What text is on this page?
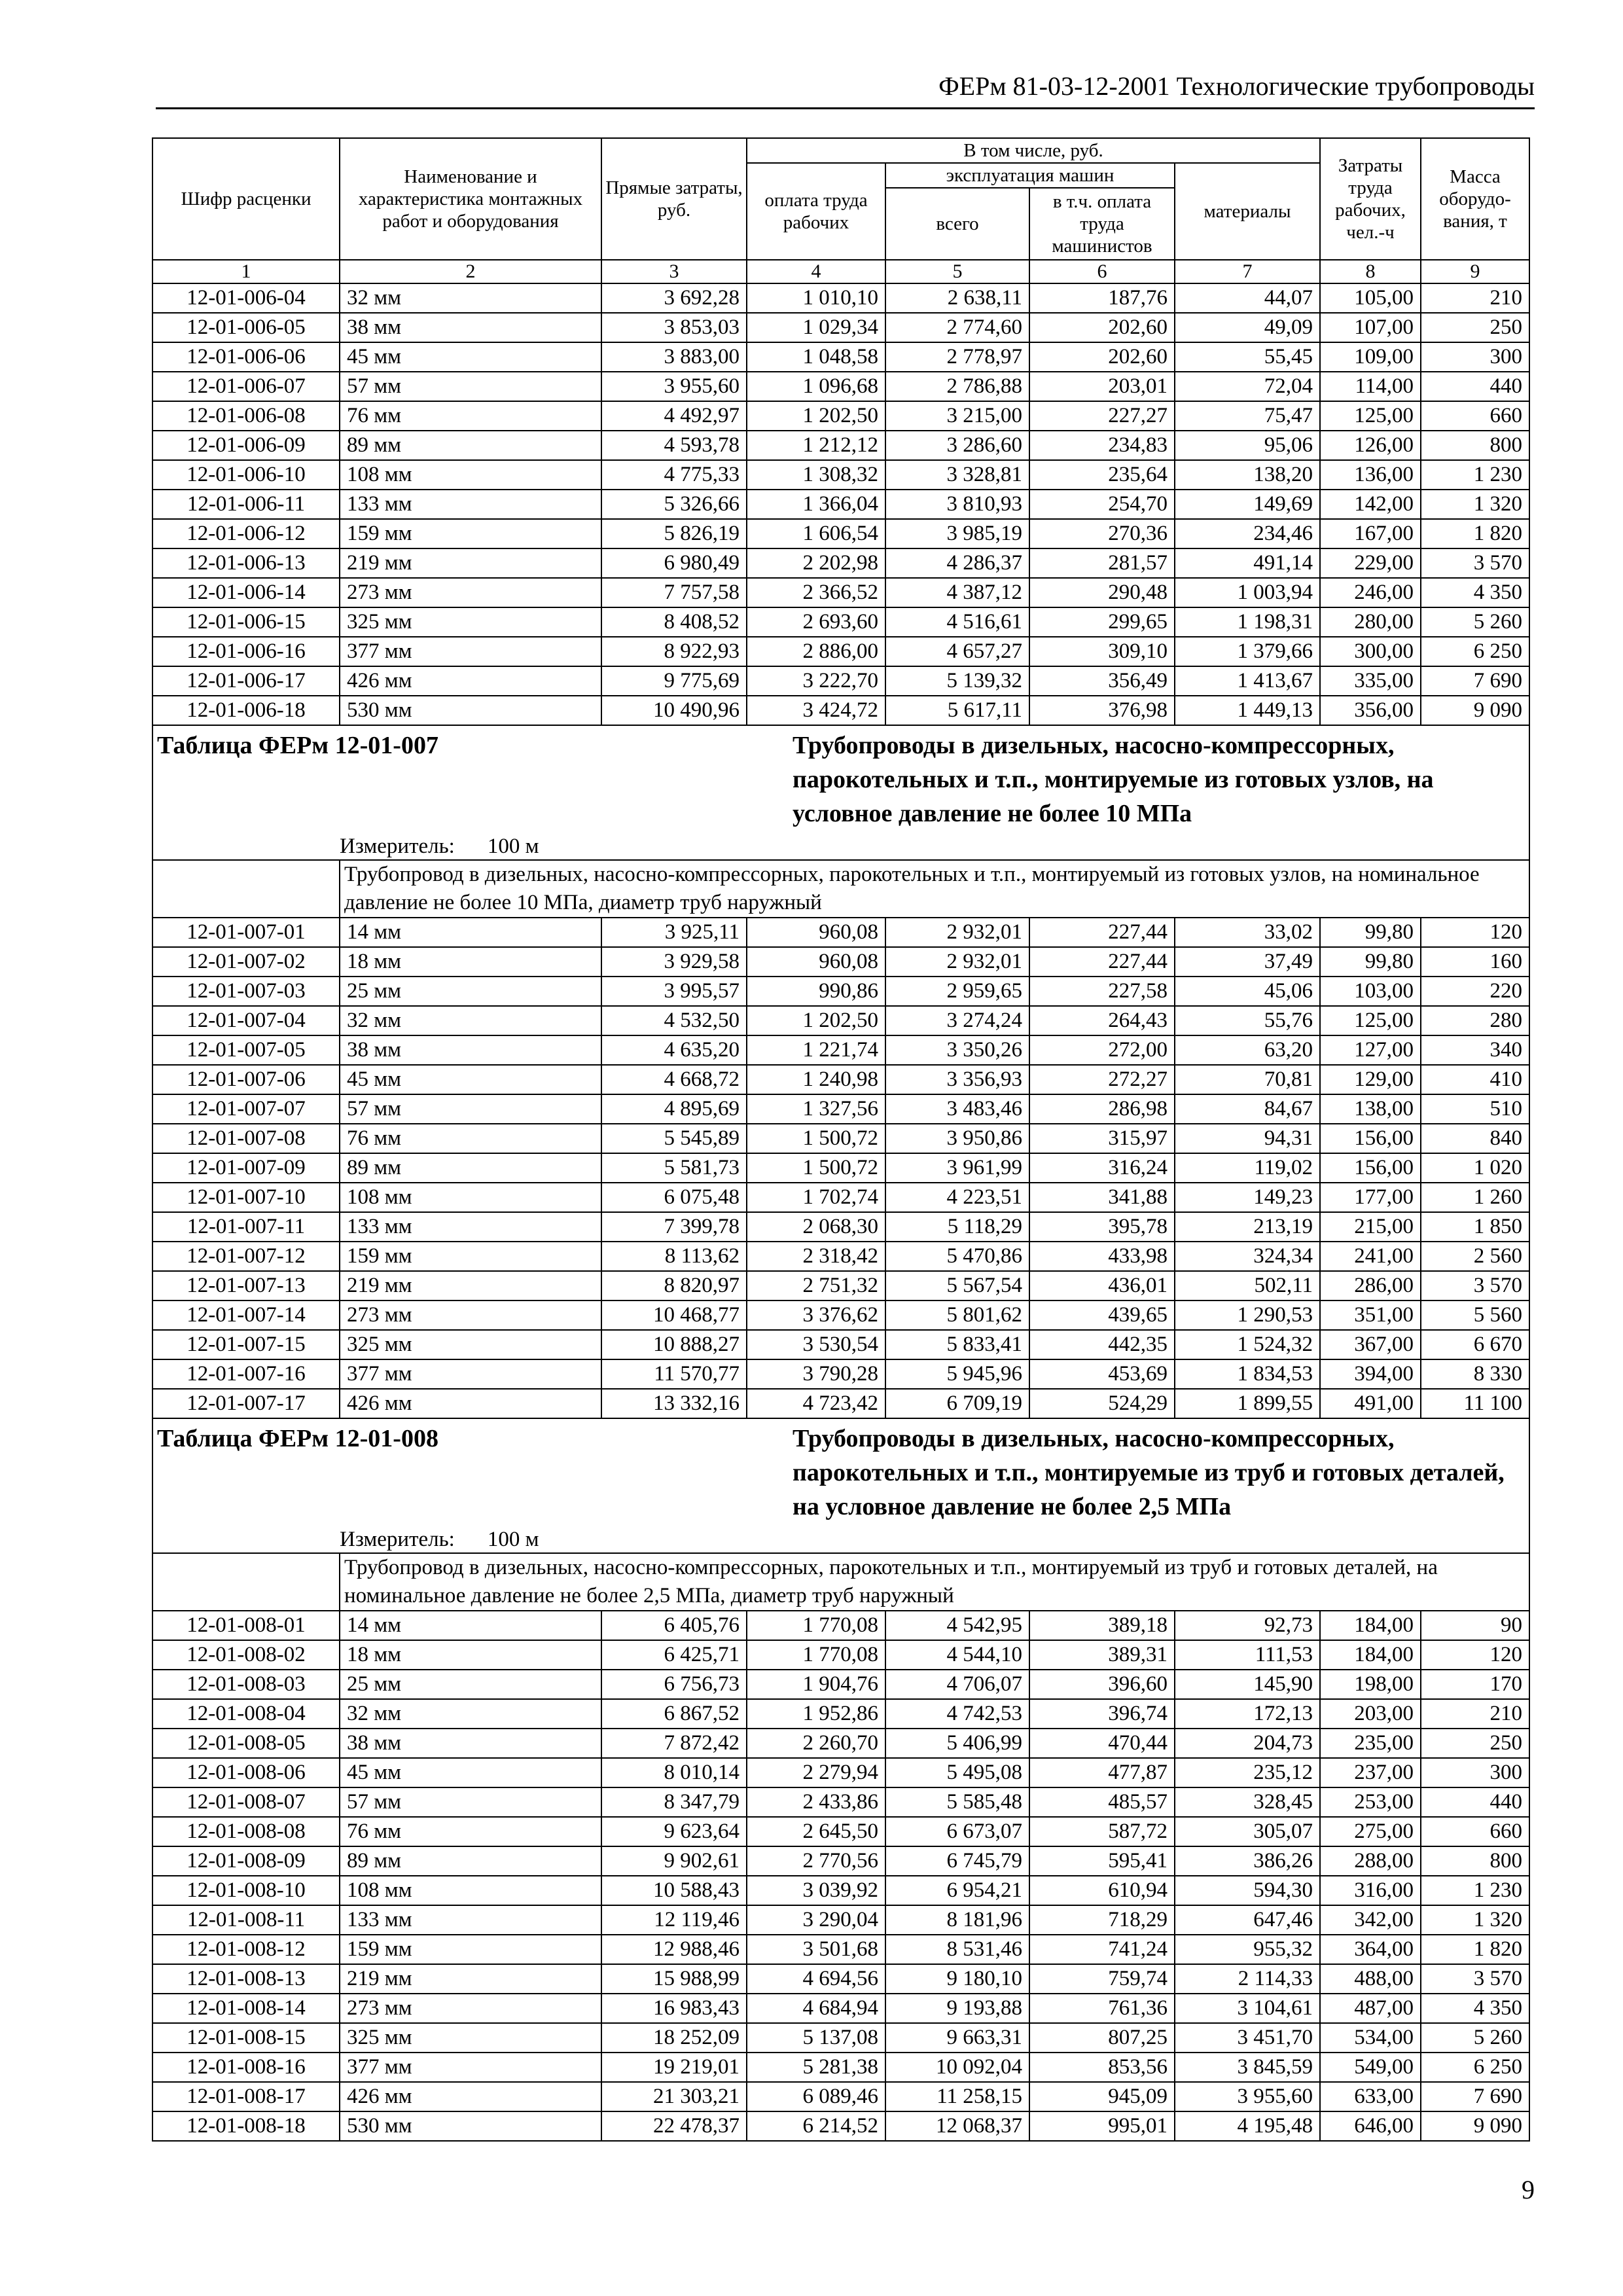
ФЕРм 81-03-12-2001 Технологические трубопроводы
Шифр расценки	Наименование и характеристика монтажных работ и оборудования	Прямые затраты, руб.	В том числе, руб.				Затраты труда рабочих, чел.-ч	Масса оборудо-вания, т
			оплата труда рабочих	эксплуатация машин		материалы		
				всего	в т.ч. оплата труда машинистов			
1	2	3	4	5	6	7	8	9
12-01-006-04	32 мм	3 692,28	1 010,10	2 638,11	187,76	44,07	105,00	210
12-01-006-05	38 мм	3 853,03	1 029,34	2 774,60	202,60	49,09	107,00	250
12-01-006-06	45 мм	3 883,00	1 048,58	2 778,97	202,60	55,45	109,00	300
12-01-006-07	57 мм	3 955,60	1 096,68	2 786,88	203,01	72,04	114,00	440
12-01-006-08	76 мм	4 492,97	1 202,50	3 215,00	227,27	75,47	125,00	660
12-01-006-09	89 мм	4 593,78	1 212,12	3 286,60	234,83	95,06	126,00	800
12-01-006-10	108 мм	4 775,33	1 308,32	3 328,81	235,64	138,20	136,00	1 230
12-01-006-11	133 мм	5 326,66	1 366,04	3 810,93	254,70	149,69	142,00	1 320
12-01-006-12	159 мм	5 826,19	1 606,54	3 985,19	270,36	234,46	167,00	1 820
12-01-006-13	219 мм	6 980,49	2 202,98	4 286,37	281,57	491,14	229,00	3 570
12-01-006-14	273 мм	7 757,58	2 366,52	4 387,12	290,48	1 003,94	246,00	4 350
12-01-006-15	325 мм	8 408,52	2 693,60	4 516,61	299,65	1 198,31	280,00	5 260
12-01-006-16	377 мм	8 922,93	2 886,00	4 657,27	309,10	1 379,66	300,00	6 250
12-01-006-17	426 мм	9 775,69	3 222,70	5 139,32	356,49	1 413,67	335,00	7 690
12-01-006-18	530 мм	10 490,96	3 424,72	5 617,11	376,98	1 449,13	356,00	9 090
Таблица ФЕРм 12-01-007			Трубопроводы в дизельных, насосно-компрессорных, парокотельных и т.п., монтируемые из готовых узлов, на условное давление не более 10 МПа					
	Измеритель: 100 м							
	Трубопровод в дизельных, насосно-компрессорных, парокотельных и т.п., монтируемый из готовых узлов, на номинальное давление не более 10 МПа, диаметр труб наружный							
12-01-007-01	14 мм	3 925,11	960,08	2 932,01	227,44	33,02	99,80	120
12-01-007-02	18 мм	3 929,58	960,08	2 932,01	227,44	37,49	99,80	160
12-01-007-03	25 мм	3 995,57	990,86	2 959,65	227,58	45,06	103,00	220
12-01-007-04	32 мм	4 532,50	1 202,50	3 274,24	264,43	55,76	125,00	280
12-01-007-05	38 мм	4 635,20	1 221,74	3 350,26	272,00	63,20	127,00	340
12-01-007-06	45 мм	4 668,72	1 240,98	3 356,93	272,27	70,81	129,00	410
12-01-007-07	57 мм	4 895,69	1 327,56	3 483,46	286,98	84,67	138,00	510
12-01-007-08	76 мм	5 545,89	1 500,72	3 950,86	315,97	94,31	156,00	840
12-01-007-09	89 мм	5 581,73	1 500,72	3 961,99	316,24	119,02	156,00	1 020
12-01-007-10	108 мм	6 075,48	1 702,74	4 223,51	341,88	149,23	177,00	1 260
12-01-007-11	133 мм	7 399,78	2 068,30	5 118,29	395,78	213,19	215,00	1 850
12-01-007-12	159 мм	8 113,62	2 318,42	5 470,86	433,98	324,34	241,00	2 560
12-01-007-13	219 мм	8 820,97	2 751,32	5 567,54	436,01	502,11	286,00	3 570
12-01-007-14	273 мм	10 468,77	3 376,62	5 801,62	439,65	1 290,53	351,00	5 560
12-01-007-15	325 мм	10 888,27	3 530,54	5 833,41	442,35	1 524,32	367,00	6 670
12-01-007-16	377 мм	11 570,77	3 790,28	5 945,96	453,69	1 834,53	394,00	8 330
12-01-007-17	426 мм	13 332,16	4 723,42	6 709,19	524,29	1 899,55	491,00	11 100
Таблица ФЕРм 12-01-008			Трубопроводы в дизельных, насосно-компрессорных, парокотельных и т.п., монтируемые из труб и готовых деталей, на условное давление не более 2,5 МПа					
	Измеритель: 100 м							
	Трубопровод в дизельных, насосно-компрессорных, парокотельных и т.п., монтируемый из труб и готовых деталей, на номинальное давление не более 2,5 МПа, диаметр труб наружный							
12-01-008-01	14 мм	6 405,76	1 770,08	4 542,95	389,18	92,73	184,00	90
12-01-008-02	18 мм	6 425,71	1 770,08	4 544,10	389,31	111,53	184,00	120
12-01-008-03	25 мм	6 756,73	1 904,76	4 706,07	396,60	145,90	198,00	170
12-01-008-04	32 мм	6 867,52	1 952,86	4 742,53	396,74	172,13	203,00	210
12-01-008-05	38 мм	7 872,42	2 260,70	5 406,99	470,44	204,73	235,00	250
12-01-008-06	45 мм	8 010,14	2 279,94	5 495,08	477,87	235,12	237,00	300
12-01-008-07	57 мм	8 347,79	2 433,86	5 585,48	485,57	328,45	253,00	440
12-01-008-08	76 мм	9 623,64	2 645,50	6 673,07	587,72	305,07	275,00	660
12-01-008-09	89 мм	9 902,61	2 770,56	6 745,79	595,41	386,26	288,00	800
12-01-008-10	108 мм	10 588,43	3 039,92	6 954,21	610,94	594,30	316,00	1 230
12-01-008-11	133 мм	12 119,46	3 290,04	8 181,96	718,29	647,46	342,00	1 320
12-01-008-12	159 мм	12 988,46	3 501,68	8 531,46	741,24	955,32	364,00	1 820
12-01-008-13	219 мм	15 988,99	4 694,56	9 180,10	759,74	2 114,33	488,00	3 570
12-01-008-14	273 мм	16 983,43	4 684,94	9 193,88	761,36	3 104,61	487,00	4 350
12-01-008-15	325 мм	18 252,09	5 137,08	9 663,31	807,25	3 451,70	534,00	5 260
12-01-008-16	377 мм	19 219,01	5 281,38	10 092,04	853,56	3 845,59	549,00	6 250
12-01-008-17	426 мм	21 303,21	6 089,46	11 258,15	945,09	3 955,60	633,00	7 690
12-01-008-18	530 мм	22 478,37	6 214,52	12 068,37	995,01	4 195,48	646,00	9 090
9
